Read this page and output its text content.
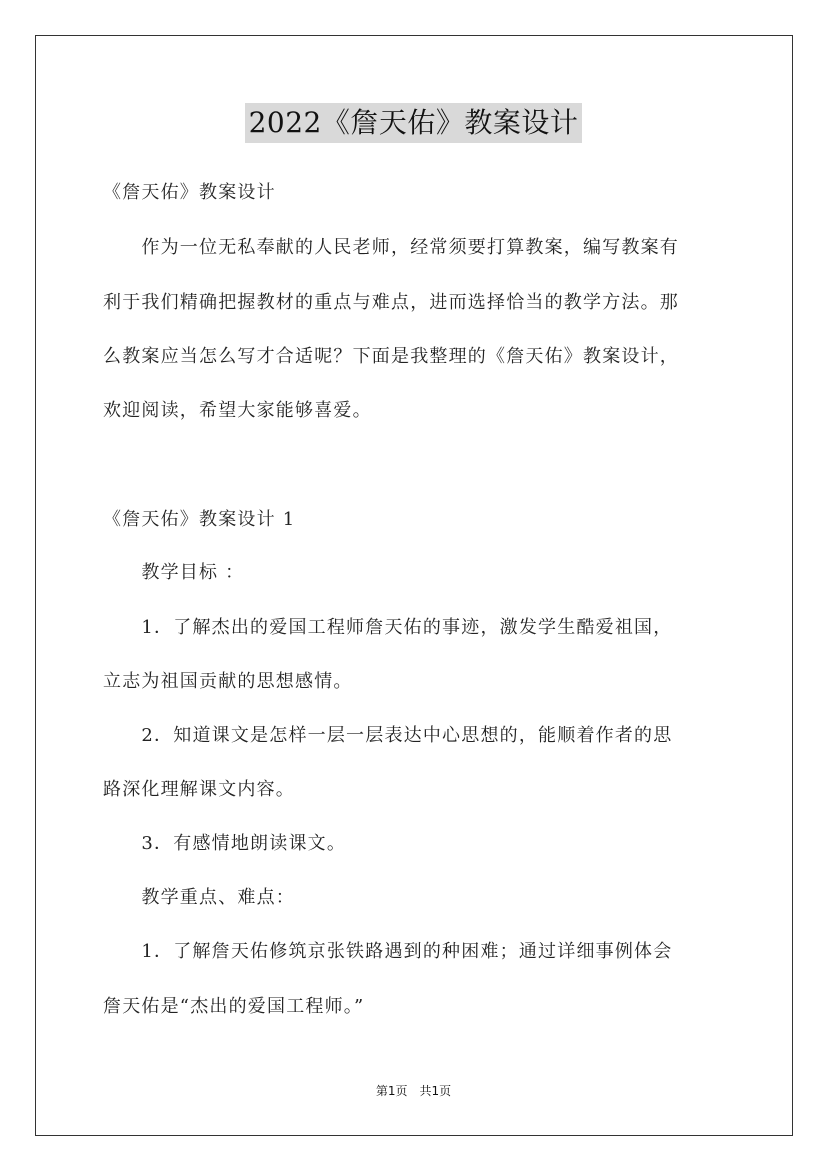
2022《詹天佑》教案设计
《詹天佑》教案设计
　　作为一位无私奉献的人民老师，经常须要打算教案，编写教案有
利于我们精确把握教材的重点与难点，进而选择恰当的教学方法。那
么教案应当怎么写才合适呢？下面是我整理的《詹天佑》教案设计，
欢迎阅读，希望大家能够喜爱。
《詹天佑》教案设计 1
　　教学目标 ：
　　1．了解杰出的爱国工程师詹天佑的事迹，激发学生酷爱祖国，
立志为祖国贡献的思想感情。
　　2．知道课文是怎样一层一层表达中心思想的，能顺着作者的思
路深化理解课文内容。
　　3．有感情地朗读课文。
　　教学重点、难点：
　　1．了解詹天佑修筑京张铁路遇到的种困难；通过详细事例体会
詹天佑是“杰出的爱国工程师。”
第1页　共1页
